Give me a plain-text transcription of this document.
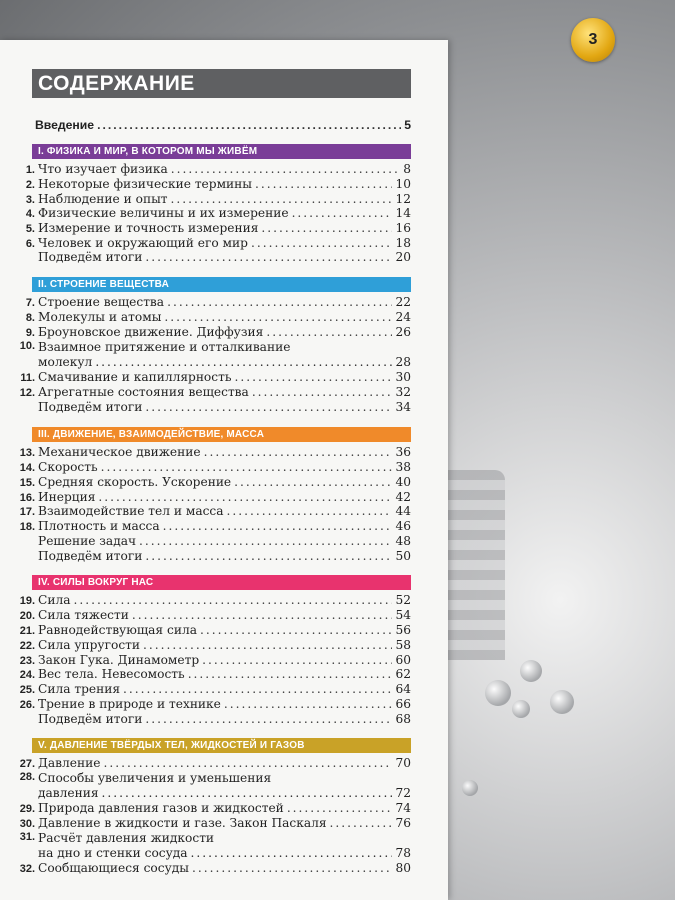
3
СОДЕРЖАНИЕ
Введение .....	5
I. ФИЗИКА И МИР, В КОТОРОМ МЫ ЖИВЁМ
1. Что изучает физика .....	8
2. Некоторые физические термины .....	10
3. Наблюдение и опыт .....	12
4. Физические величины и их измерение .....	14
5. Измерение и точность измерения .....	16
6. Человек и окружающий его мир .....	18
Подведём итоги .....	20
II. СТРОЕНИЕ ВЕЩЕСТВА
7. Строение вещества .....	22
8. Молекулы и атомы .....	24
9. Броуновское движение. Диффузия .....	26
10. Взаимное притяжение и отталкивание
молекул .....	28
11. Смачивание и капиллярность .....	30
12. Агрегатные состояния вещества .....	32
Подведём итоги .....	34
III. ДВИЖЕНИЕ, ВЗАИМОДЕЙСТВИЕ, МАССА
13. Механическое движение .....	36
14. Скорость .....	38
15. Средняя скорость. Ускорение .....	40
16. Инерция .....	42
17. Взаимодействие тел и масса .....	44
18. Плотность и масса .....	46
Решение задач .....	48
Подведём итоги .....	50
IV. СИЛЫ ВОКРУГ НАС
19. Сила .....	52
20. Сила тяжести .....	54
21. Равнодействующая сила .....	56
22. Сила упругости .....	58
23. Закон Гука. Динамометр .....	60
24. Вес тела. Невесомость .....	62
25. Сила трения .....	64
26. Трение в природе и технике .....	66
Подведём итоги .....	68
V. ДАВЛЕНИЕ ТВЁРДЫХ ТЕЛ, ЖИДКОСТЕЙ И ГАЗОВ
27. Давление .....	70
28. Способы увеличения и уменьшения
давления .....	72
29. Природа давления газов и жидкостей .....	74
30. Давление в жидкости и газе. Закон Паскаля .....	76
31. Расчёт давления жидкости
на дно и стенки сосуда .....	78
32. Сообщающиеся сосуды .....	80
